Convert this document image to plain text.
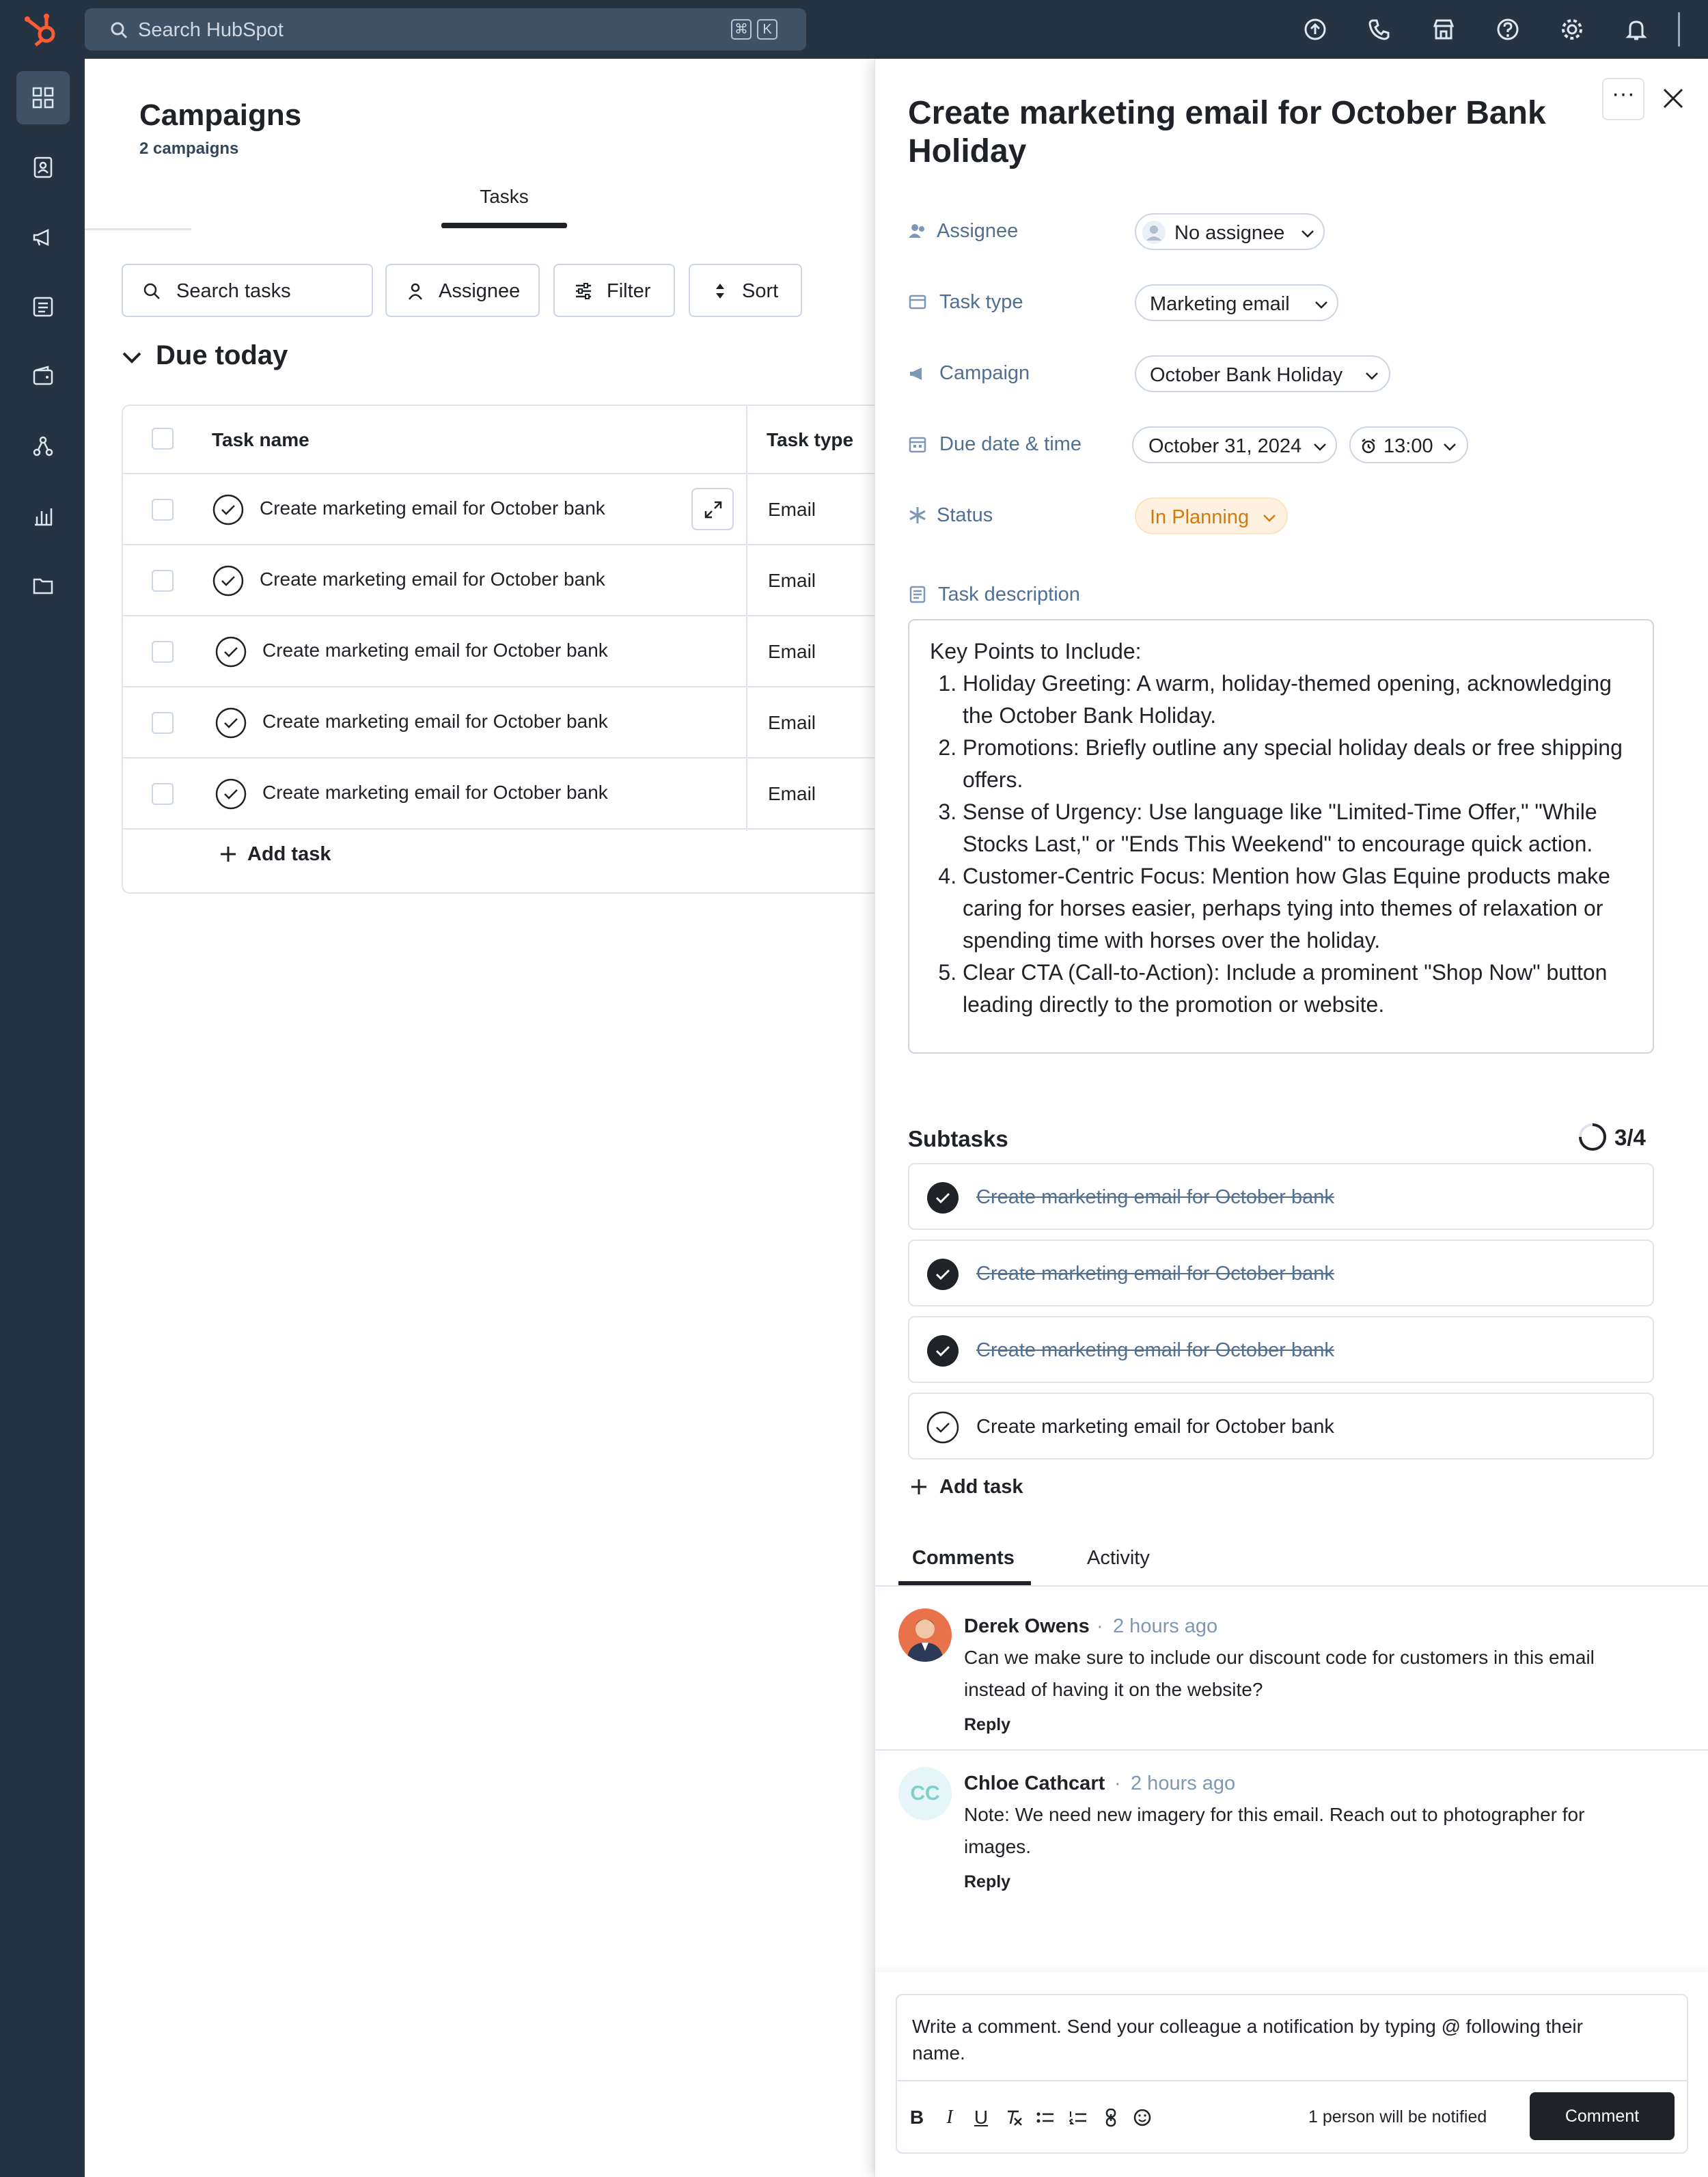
Search HubSpot	⌘	K
Campaigns
2 campaigns
Tasks
Search tasks	Assignee	Filter	Sort
Due today
Task name	Task type
Create marketing email for October bank	Email
Create marketing email for October bank	Email
Create marketing email for October bank	Email
Create marketing email for October bank	Email
Create marketing email for October bank	Email
Add task
Create marketing email for October Bank Holiday
···
Assignee	No assignee
Task type	Marketing email
Campaign	October Bank Holiday
Due date & time	October 31, 2024	13:00
Status	In Planning
Task description
Key Points to Include:
1. Holiday Greeting: A warm, holiday-themed opening, acknowledging the October Bank Holiday.
2. Promotions: Briefly outline any special holiday deals or free shipping offers.
3. Sense of Urgency: Use language like "Limited-Time Offer," "While Stocks Last," or "Ends This Weekend" to encourage quick action.
4. Customer-Centric Focus: Mention how Glas Equine products make caring for horses easier, perhaps tying into themes of relaxation or spending time with horses over the holiday.
5. Clear CTA (Call-to-Action): Include a prominent "Shop Now" button leading directly to the promotion or website.
Subtasks	3/4
Create marketing email for October bank
Create marketing email for October bank
Create marketing email for October bank
Create marketing email for October bank
Add task
Comments	Activity
Derek Owens · 2 hours ago
Can we make sure to include our discount code for customers in this email instead of having it on the website?
Reply
CC	Chloe Cathcart · 2 hours ago
Note: We need new imagery for this email. Reach out to photographer for images.
Reply
Write a comment. Send your colleague a notification by typing @ following their name.
B	I	U	1 person will be notified	Comment
